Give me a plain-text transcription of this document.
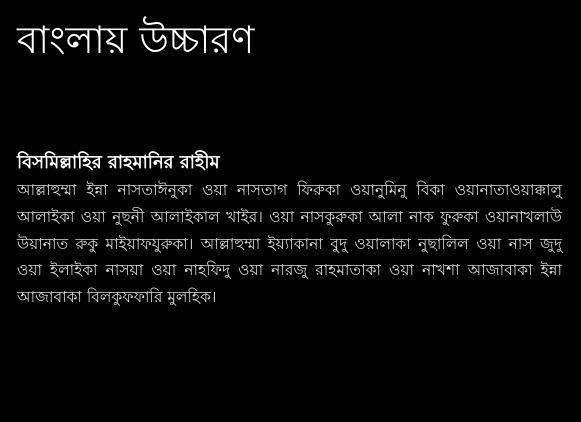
বাংলায় উচ্চারণ
বিসমিল্লাহির রাহমানির রাহীম

আল্লাহুম্মা ইন্না নাসতাঈনুকা ওয়া নাসতাগ ফিরুকা ওয়ানুমিনু বিকা ওয়ানাতাওয়াক্কালু আলাইকা ওয়া নুছনী আলাইকাল খাইর। ওয়া নাসকুরুকা আলা নাক ফুরুকা ওয়ানাখলাউ উয়ানাত রুকু মাইয়াফযুরুকা। আল্লাহুম্মা ইয়্যাকানা বুদু ওয়ালাকা নুছালিল ওয়া নাস জুদু ওয়া ইলাইকা নাসয়া ওয়া নাহফিদু ওয়া নারজু রাহমাতাকা ওয়া নাখশা আজাবাকা ইন্না আজাবাকা বিলকুফফারি মুলহিক।
